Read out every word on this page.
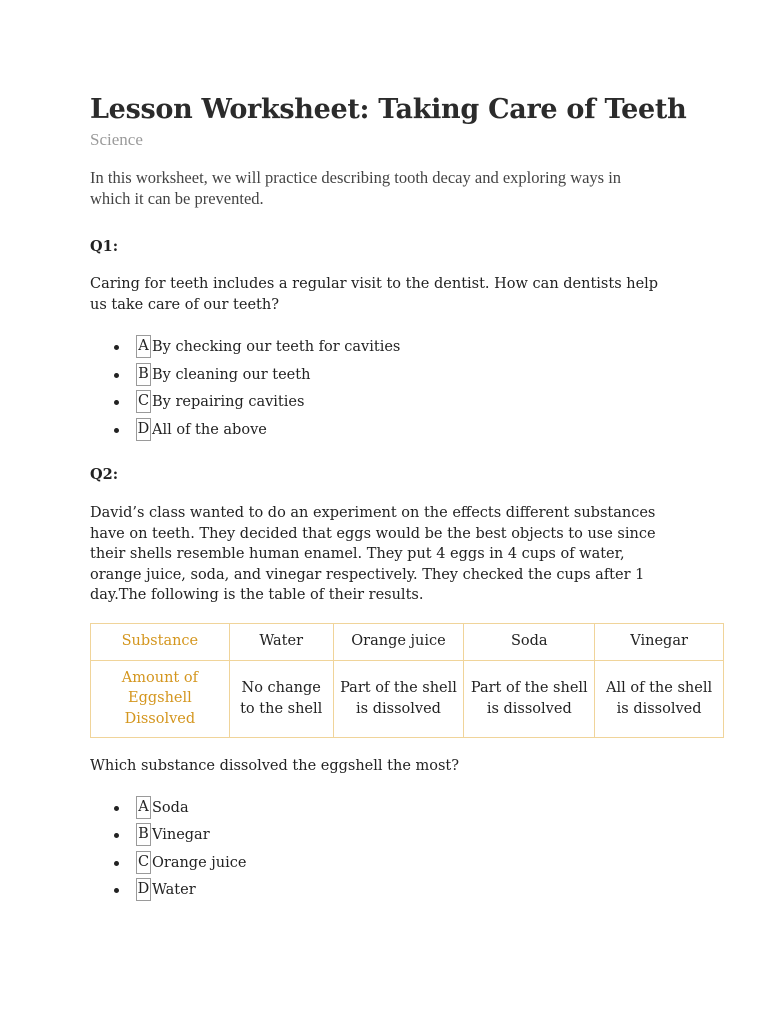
Lesson Worksheet: Taking Care of Teeth
Science
In this worksheet, we will practice describing tooth decay and exploring ways in which it can be prevented.
Q1:
Caring for teeth includes a regular visit to the dentist. How can dentists help us take care of our teeth?
A By checking our teeth for cavities
B By cleaning our teeth
C By repairing cavities
D All of the above
Q2:
David’s class wanted to do an experiment on the effects different substances have on teeth. They decided that eggs would be the best objects to use since their shells resemble human enamel. They put 4 eggs in 4 cups of water, orange juice, soda, and vinegar respectively. They checked the cups after 1 day.The following is the table of their results.
Substance	Water	Orange juice	Soda	Vinegar
Amount of Eggshell Dissolved	No change to the shell	Part of the shell is dissolved	Part of the shell is dissolved	All of the shell is dissolved
Which substance dissolved the eggshell the most?
A Soda
B Vinegar
C Orange juice
D Water
